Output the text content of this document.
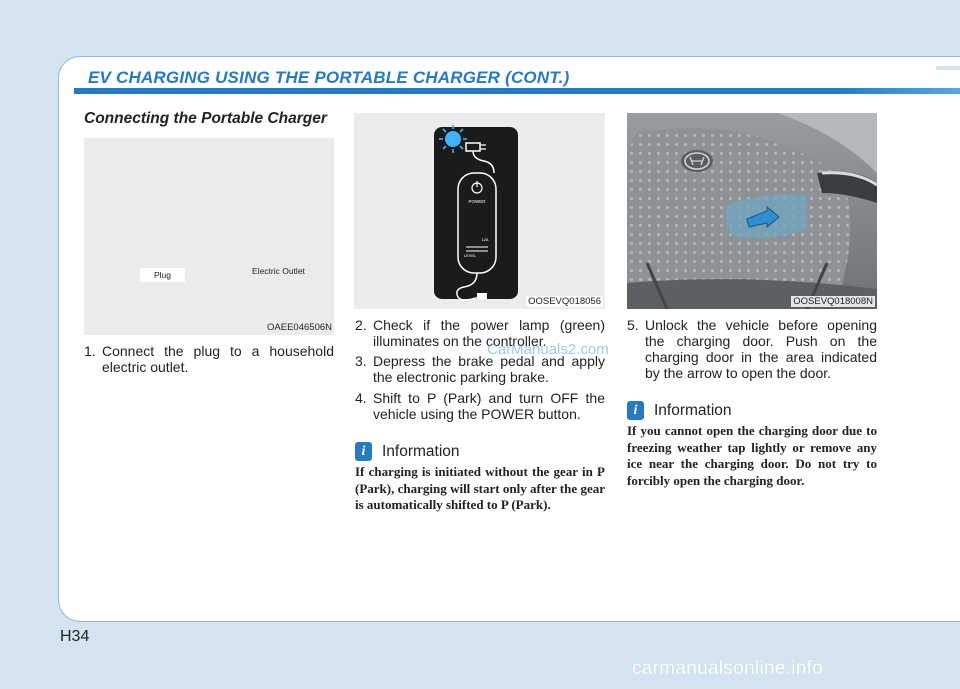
EV CHARGING USING THE PORTABLE CHARGER (CONT.)
Connecting the Portable Charger
Plug	Electric Outlet
OAEE046506N
POWER
LEVEL
12A
OOSEVQ018056	OOSEVQ018008N
1. Connect the plug to a household electric outlet.
2. Check if the power lamp (green) illuminates on the controller.
3. Depress the brake pedal and apply the electronic parking brake.
4. Shift to P (Park) and turn OFF the vehicle using the POWER button.
5. Unlock the vehicle before opening the charging door. Push on the charging door in the area indicated by the arrow to open the door.
i	Information
If charging is initiated without the gear in P (Park), charging will start only after the gear is automatically shifted to P (Park).
i	Information
If you cannot open the charging door due to freezing weather tap lightly or remove any ice near the charging door. Do not try to forcibly open the charging door.
H34
CarManuals2.com
carmanualsonline.info
